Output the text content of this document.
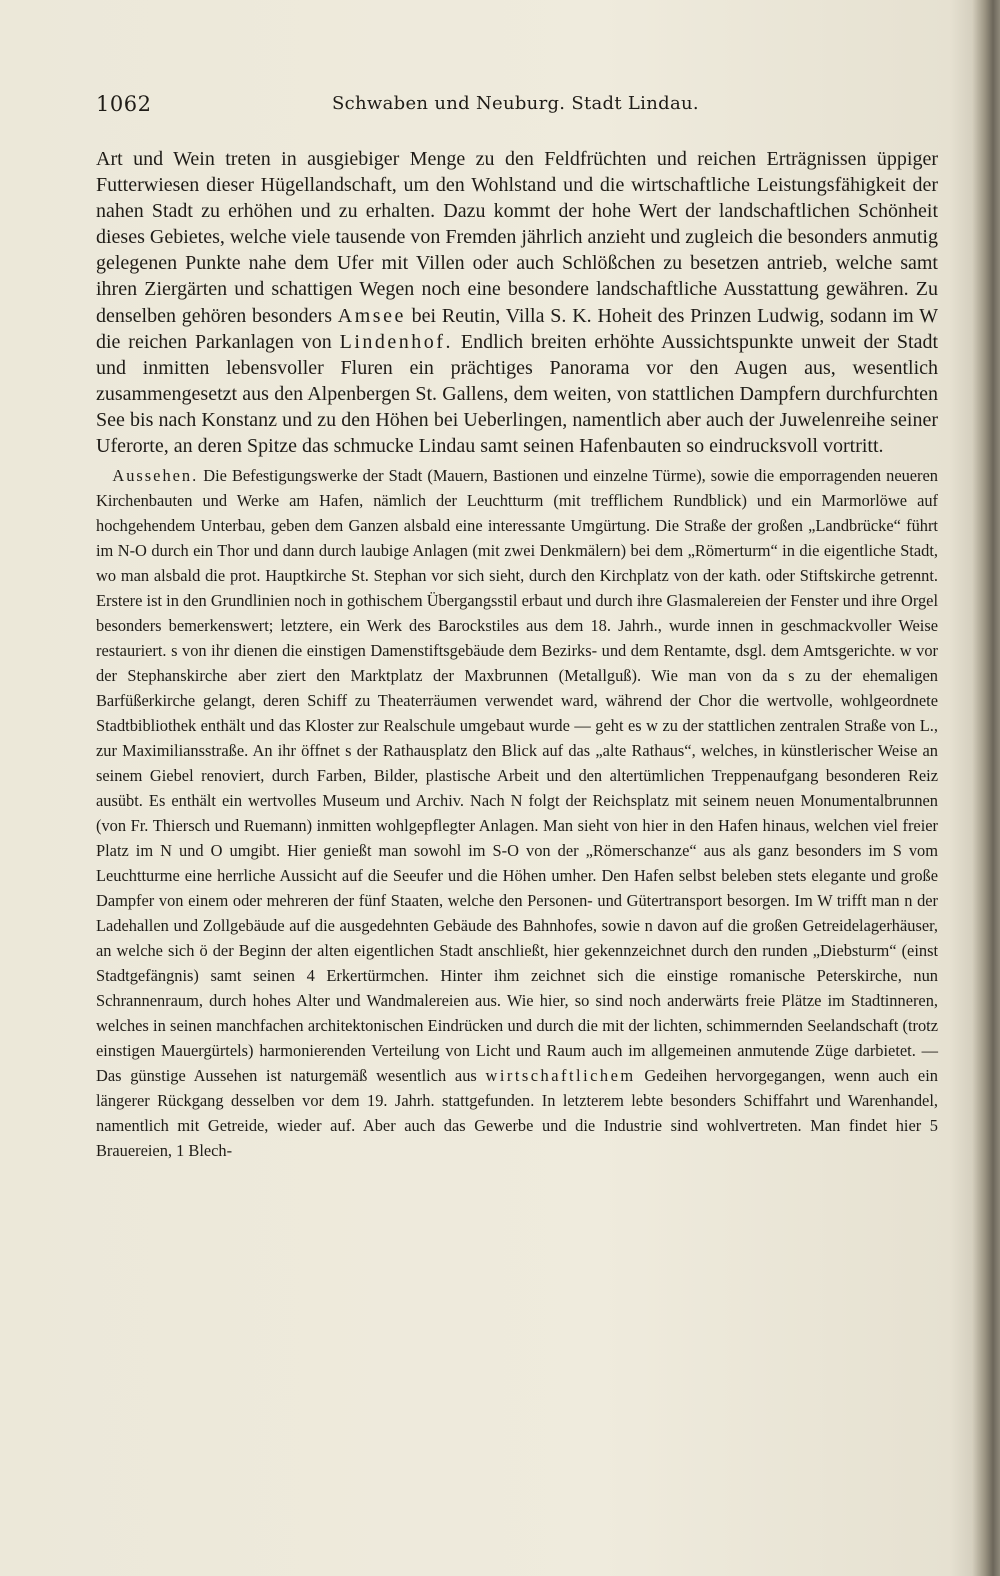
1062	Schwaben und Neuburg. Stadt Lindau.

Art und Wein treten in ausgiebiger Menge zu den Feldfrüchten und reichen Erträgnissen üppiger Futterwiesen dieser Hügellandschaft, um den Wohlstand und die wirtschaftliche Leistungsfähigkeit der nahen Stadt zu erhöhen und zu erhalten. Dazu kommt der hohe Wert der landschaftlichen Schönheit dieses Gebietes, welche viele tausende von Fremden jährlich anzieht und zugleich die besonders anmutig gelegenen Punkte nahe dem Ufer mit Villen oder auch Schlößchen zu besetzen antrieb, welche samt ihren Ziergärten und schattigen Wegen noch eine besondere landschaftliche Ausstattung gewähren. Zu denselben gehören besonders Amsee bei Reutin, Villa S. K. Hoheit des Prinzen Ludwig, sodann im W die reichen Parkanlagen von Lindenhof. Endlich breiten erhöhte Aussichtspunkte unweit der Stadt und inmitten lebensvoller Fluren ein prächtiges Panorama vor den Augen aus, wesentlich zusammengesetzt aus den Alpenbergen St. Gallens, dem weiten, von stattlichen Dampfern durchfurchten See bis nach Konstanz und zu den Höhen bei Ueberlingen, namentlich aber auch der Juwelenreihe seiner Uferorte, an deren Spitze das schmucke Lindau samt seinen Hafenbauten so eindrucksvoll vortritt.

 Aussehen. Die Befestigungswerke der Stadt (Mauern, Bastionen und einzelne Türme), sowie die emporragenden neueren Kirchenbauten und Werke am Hafen, nämlich der Leuchtturm (mit trefflichem Rundblick) und ein Marmorlöwe auf hochgehendem Unterbau, geben dem Ganzen alsbald eine interessante Umgürtung. Die Straße der großen „Landbrücke“ führt im N-O durch ein Thor und dann durch laubige Anlagen (mit zwei Denkmälern) bei dem „Römerturm“ in die eigentliche Stadt, wo man alsbald die prot. Hauptkirche St. Stephan vor sich sieht, durch den Kirchplatz von der kath. oder Stiftskirche getrennt. Erstere ist in den Grundlinien noch in gothischem Übergangsstil erbaut und durch ihre Glasmalereien der Fenster und ihre Orgel besonders bemerkenswert; letztere, ein Werk des Barockstiles aus dem 18. Jahrh., wurde innen in geschmackvoller Weise restauriert. s von ihr dienen die einstigen Damenstiftsgebäude dem Bezirks- und dem Rentamte, dsgl. dem Amtsgerichte. w vor der Stephanskirche aber ziert den Marktplatz der Maxbrunnen (Metallguß). Wie man von da s zu der ehemaligen Barfüßerkirche gelangt, deren Schiff zu Theaterräumen verwendet ward, während der Chor die wertvolle, wohlgeordnete Stadtbibliothek enthält und das Kloster zur Realschule umgebaut wurde — geht es w zu der stattlichen zentralen Straße von L., zur Maximiliansstraße. An ihr öffnet s der Rathausplatz den Blick auf das „alte Rathaus“, welches, in künstlerischer Weise an seinem Giebel renoviert, durch Farben, Bilder, plastische Arbeit und den altertümlichen Treppenaufgang besonderen Reiz ausübt. Es enthält ein wertvolles Museum und Archiv. Nach N folgt der Reichsplatz mit seinem neuen Monumentalbrunnen (von Fr. Thiersch und Ruemann) inmitten wohlgepflegter Anlagen. Man sieht von hier in den Hafen hinaus, welchen viel freier Platz im N und O umgibt. Hier genießt man sowohl im S-O von der „Römerschanze“ aus als ganz besonders im S vom Leuchtturme eine herrliche Aussicht auf die Seeufer und die Höhen umher. Den Hafen selbst beleben stets elegante und große Dampfer von einem oder mehreren der fünf Staaten, welche den Personen- und Gütertransport besorgen. Im W trifft man n der Ladehallen und Zollgebäude auf die ausgedehnten Gebäude des Bahnhofes, sowie n davon auf die großen Getreidelagerhäuser, an welche sich ö der Beginn der alten eigentlichen Stadt anschließt, hier gekennzeichnet durch den runden „Diebsturm“ (einst Stadtgefängnis) samt seinen 4 Erkertürmchen. Hinter ihm zeichnet sich die einstige romanische Peterskirche, nun Schrannenraum, durch hohes Alter und Wandmalereien aus. Wie hier, so sind noch anderwärts freie Plätze im Stadtinneren, welches in seinen manchfachen architektonischen Eindrücken und durch die mit der lichten, schimmernden Seelandschaft (trotz einstigen Mauergürtels) harmonierenden Verteilung von Licht und Raum auch im allgemeinen anmutende Züge darbietet. — Das günstige Aussehen ist naturgemäß wesentlich aus wirtschaftlichem Gedeihen hervorgegangen, wenn auch ein längerer Rückgang desselben vor dem 19. Jahrh. stattgefunden. In letzterem lebte besonders Schiffahrt und Warenhandel, namentlich mit Getreide, wieder auf. Aber auch das Gewerbe und die Industrie sind wohlvertreten. Man findet hier 5 Brauereien, 1 Blech-
